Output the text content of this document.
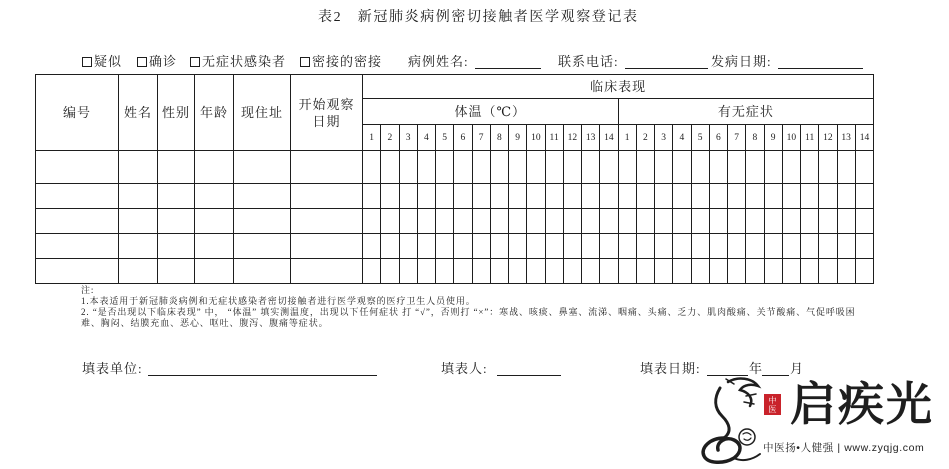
表2　新冠肺炎病例密切接触者医学观察登记表
疑似	确诊	无症状感染者	密接的密接 病例姓名:	联系电话:	发病日期:
编号	姓名	性别	年龄	现住址	开始观察日期	临床表现																											
						体温（℃）														有无症状													
						1	2	3	4	5	6	7	8	9	10	11	12	13	14	1	2	3	4	5	6	7	8	9	10	11	12	13	14

注:
1.本表适用于新冠肺炎病例和无症状感染者密切接触者进行医学观察的医疗卫生人员使用。
2. “是否出现以下临床表现” 中， “体温” 填实测温度，出现以下任何症状 打 “√”，否则打 “×”：寒战、咳痰、鼻塞、流涕、咽痛、头痛、乏力、肌肉酸痛、关节酸痛、气促呼吸困难、胸闷、结膜充血、恶心、呕吐、腹泻、腹痛等症状。
填表单位:	填表人:	填表日期:	年 月
中医 启疾光
中医扬•人健强 | www.zyqjg.com
